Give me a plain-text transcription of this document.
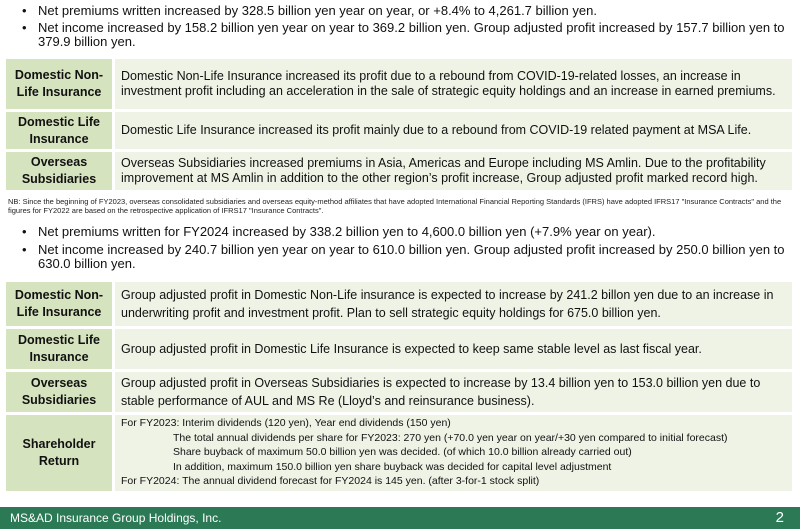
• Net premiums written increased by 328.5 billion yen year on year, or +8.4% to 4,261.7 billion yen.
• Net income increased by 158.2 billion yen year on year to 369.2 billion yen. Group adjusted profit increased by 157.7 billion yen to 379.9 billion yen.
Domestic Non-Life Insurance	Domestic Non-Life Insurance increased its profit due to a rebound from COVID-19-related losses, an increase in investment profit including an acceleration in the sale of strategic equity holdings and an increase in earned premiums.
Domestic Life Insurance	Domestic Life Insurance increased its profit mainly due to a rebound from COVID-19 related payment at MSA Life.
Overseas Subsidiaries	Overseas Subsidiaries increased premiums in Asia, Americas and Europe including MS Amlin. Due to the profitability improvement at MS Amlin in addition to the other region’s profit increase, Group adjusted profit marked record high.
NB: Since the beginning of FY2023, overseas consolidated subsidiaries and overseas equity-method affiliates that have adopted International Financial Reporting Standards (IFRS) have adopted IFRS17 "Insurance Contracts" and the figures for FY2022 are based on the retrospective application of IFRS17 "Insurance Contracts".
• Net premiums written for FY2024 increased by 338.2 billion yen to 4,600.0 billion yen (+7.9% year on year).
• Net income increased by 240.7 billion yen year on year to 610.0 billion yen. Group adjusted profit increased by 250.0 billion yen to 630.0 billion yen.
Domestic Non-Life Insurance	Group adjusted profit in Domestic Non-Life insurance is expected to increase by 241.2 billon yen due to an increase in underwriting profit and investment profit. Plan to sell strategic equity holdings for 675.0 billion yen.
Domestic Life Insurance	Group adjusted profit in Domestic Life Insurance is expected to keep same stable level as last fiscal year.
Overseas Subsidiaries	Group adjusted profit in Overseas Subsidiaries is expected to increase by 13.4 billion yen to 153.0 billion yen due to stable performance of AUL and MS Re (Lloyd’s and reinsurance business).
Shareholder Return	For FY2023: Interim dividends (120 yen), Year end dividends (150 yen)
The total annual dividends per share for FY2023: 270 yen (+70.0 yen year on year/+30 yen compared to initial forecast)
Share buyback of maximum 50.0 billion yen was decided. (of which 10.0 billion already carried out)
In addition, maximum 150.0 billion yen share buyback was decided for capital level adjustment
For FY2024: The annual dividend forecast for FY2024 is 145 yen. (after 3-for-1 stock split)
MS&AD Insurance Group Holdings, Inc.	2
